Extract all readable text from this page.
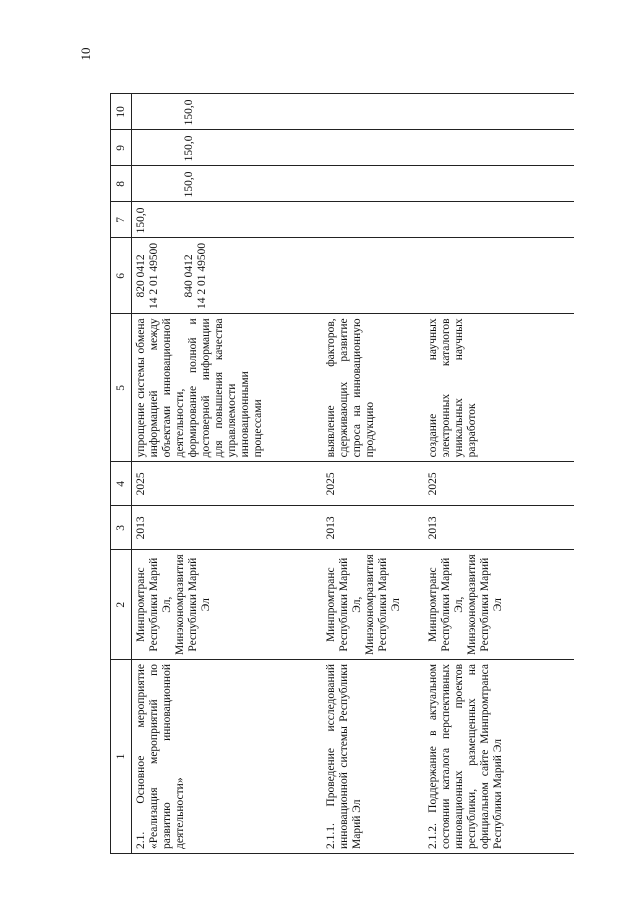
10
1	2	3	4	5	6	7	8	9	10
2.1. Основное мероприятие «Реализация мероприятий по развитию инновационной деятельности»	Минпромтранс Республики Марий Эл, Минэкономразвития Республики Марий Эл	2013	2025	упрощение системы обмена информацией между объектами инновационной деятельности, формирование полной и достоверной информации для повышения качества управляемости инновационными процессами	820 0412
14 2 01 49500
840 0412
14 2 01 49500	150,0	150,0	150,0	150,0

2.1.1. Проведение исследований инновационной системы Республики Марий Эл	Минпромтранс Республики Марий Эл, Минэкономразвития Республики Марий Эл	2013	2025	выявление факторов, сдерживающих развитие спроса на инновационную продукцию					
2.1.2. Поддержание в актуальном состоянии каталога перспективных инновационных проектов республики, размещенных на официальном сайте Минпромтранса Республики Марий Эл	Минпромтранс Республики Марий Эл, Минэкономразвития Республики Марий Эл	2013	2025	создание научных электронных каталогов уникальных научных разработок					
